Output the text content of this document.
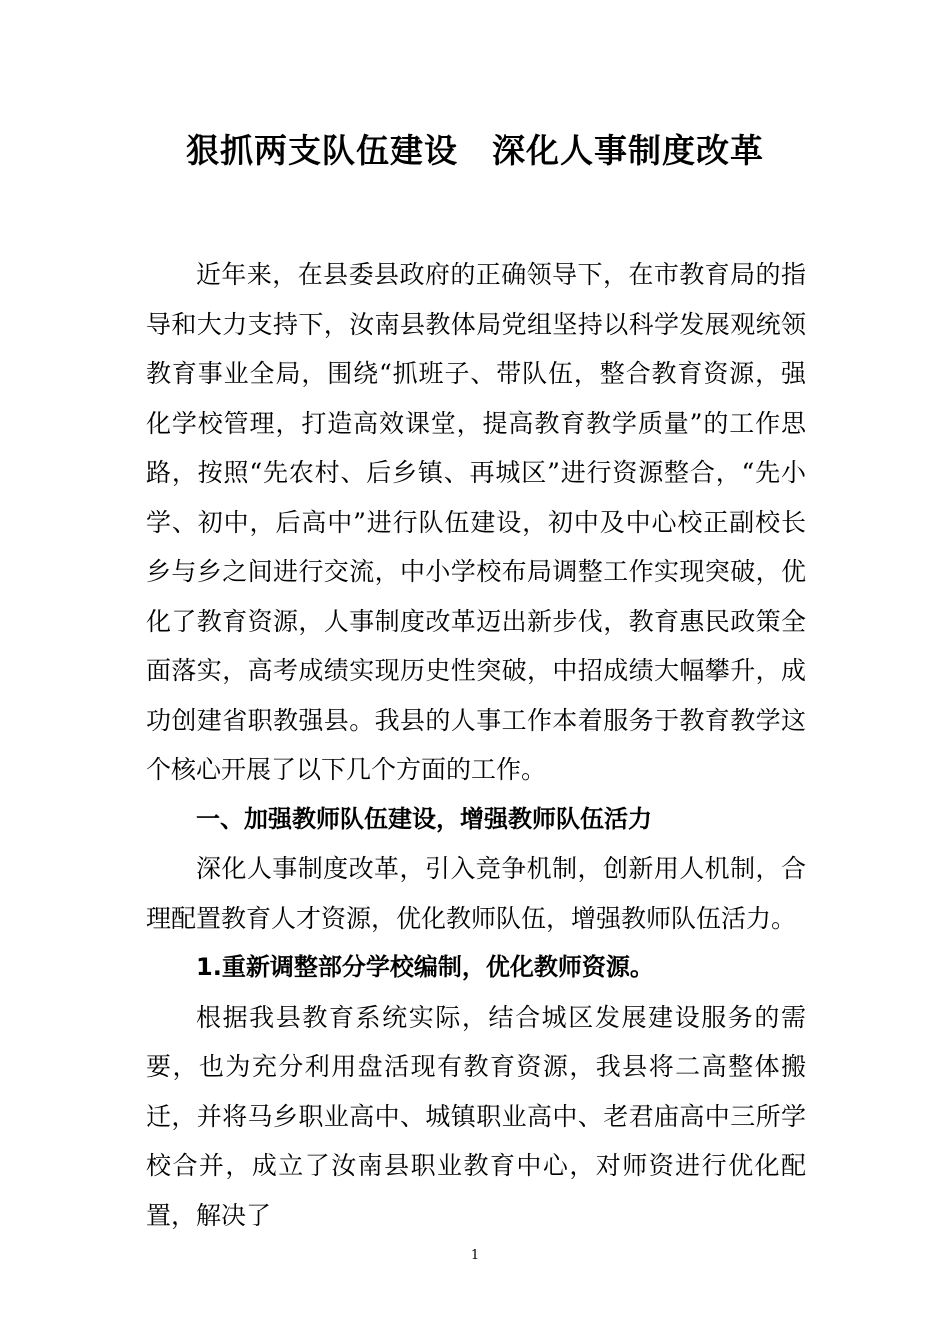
狠抓两支队伍建设　深化人事制度改革

近年来，在县委县政府的正确领导下，在市教育局的指导和大力支持下，汝南县教体局党组坚持以科学发展观统领教育事业全局，围绕“抓班子、带队伍，整合教育资源，强化学校管理，打造高效课堂，提高教育教学质量”的工作思路，按照“先农村、后乡镇、再城区”进行资源整合，“先小学、初中，后高中”进行队伍建设，初中及中心校正副校长乡与乡之间进行交流，中小学校布局调整工作实现突破，优化了教育资源，人事制度改革迈出新步伐，教育惠民政策全面落实，高考成绩实现历史性突破，中招成绩大幅攀升，成功创建省职教强县。我县的人事工作本着服务于教育教学这个核心开展了以下几个方面的工作。

一、加强教师队伍建设，增强教师队伍活力

深化人事制度改革，引入竞争机制，创新用人机制，合理配置教育人才资源，优化教师队伍，增强教师队伍活力。

1.重新调整部分学校编制，优化教师资源。

根据我县教育系统实际，结合城区发展建设服务的需要，也为充分利用盘活现有教育资源，我县将二高整体搬迁，并将马乡职业高中、城镇职业高中、老君庙高中三所学校合并，成立了汝南县职业教育中心，对师资进行优化配置，解决了

1
